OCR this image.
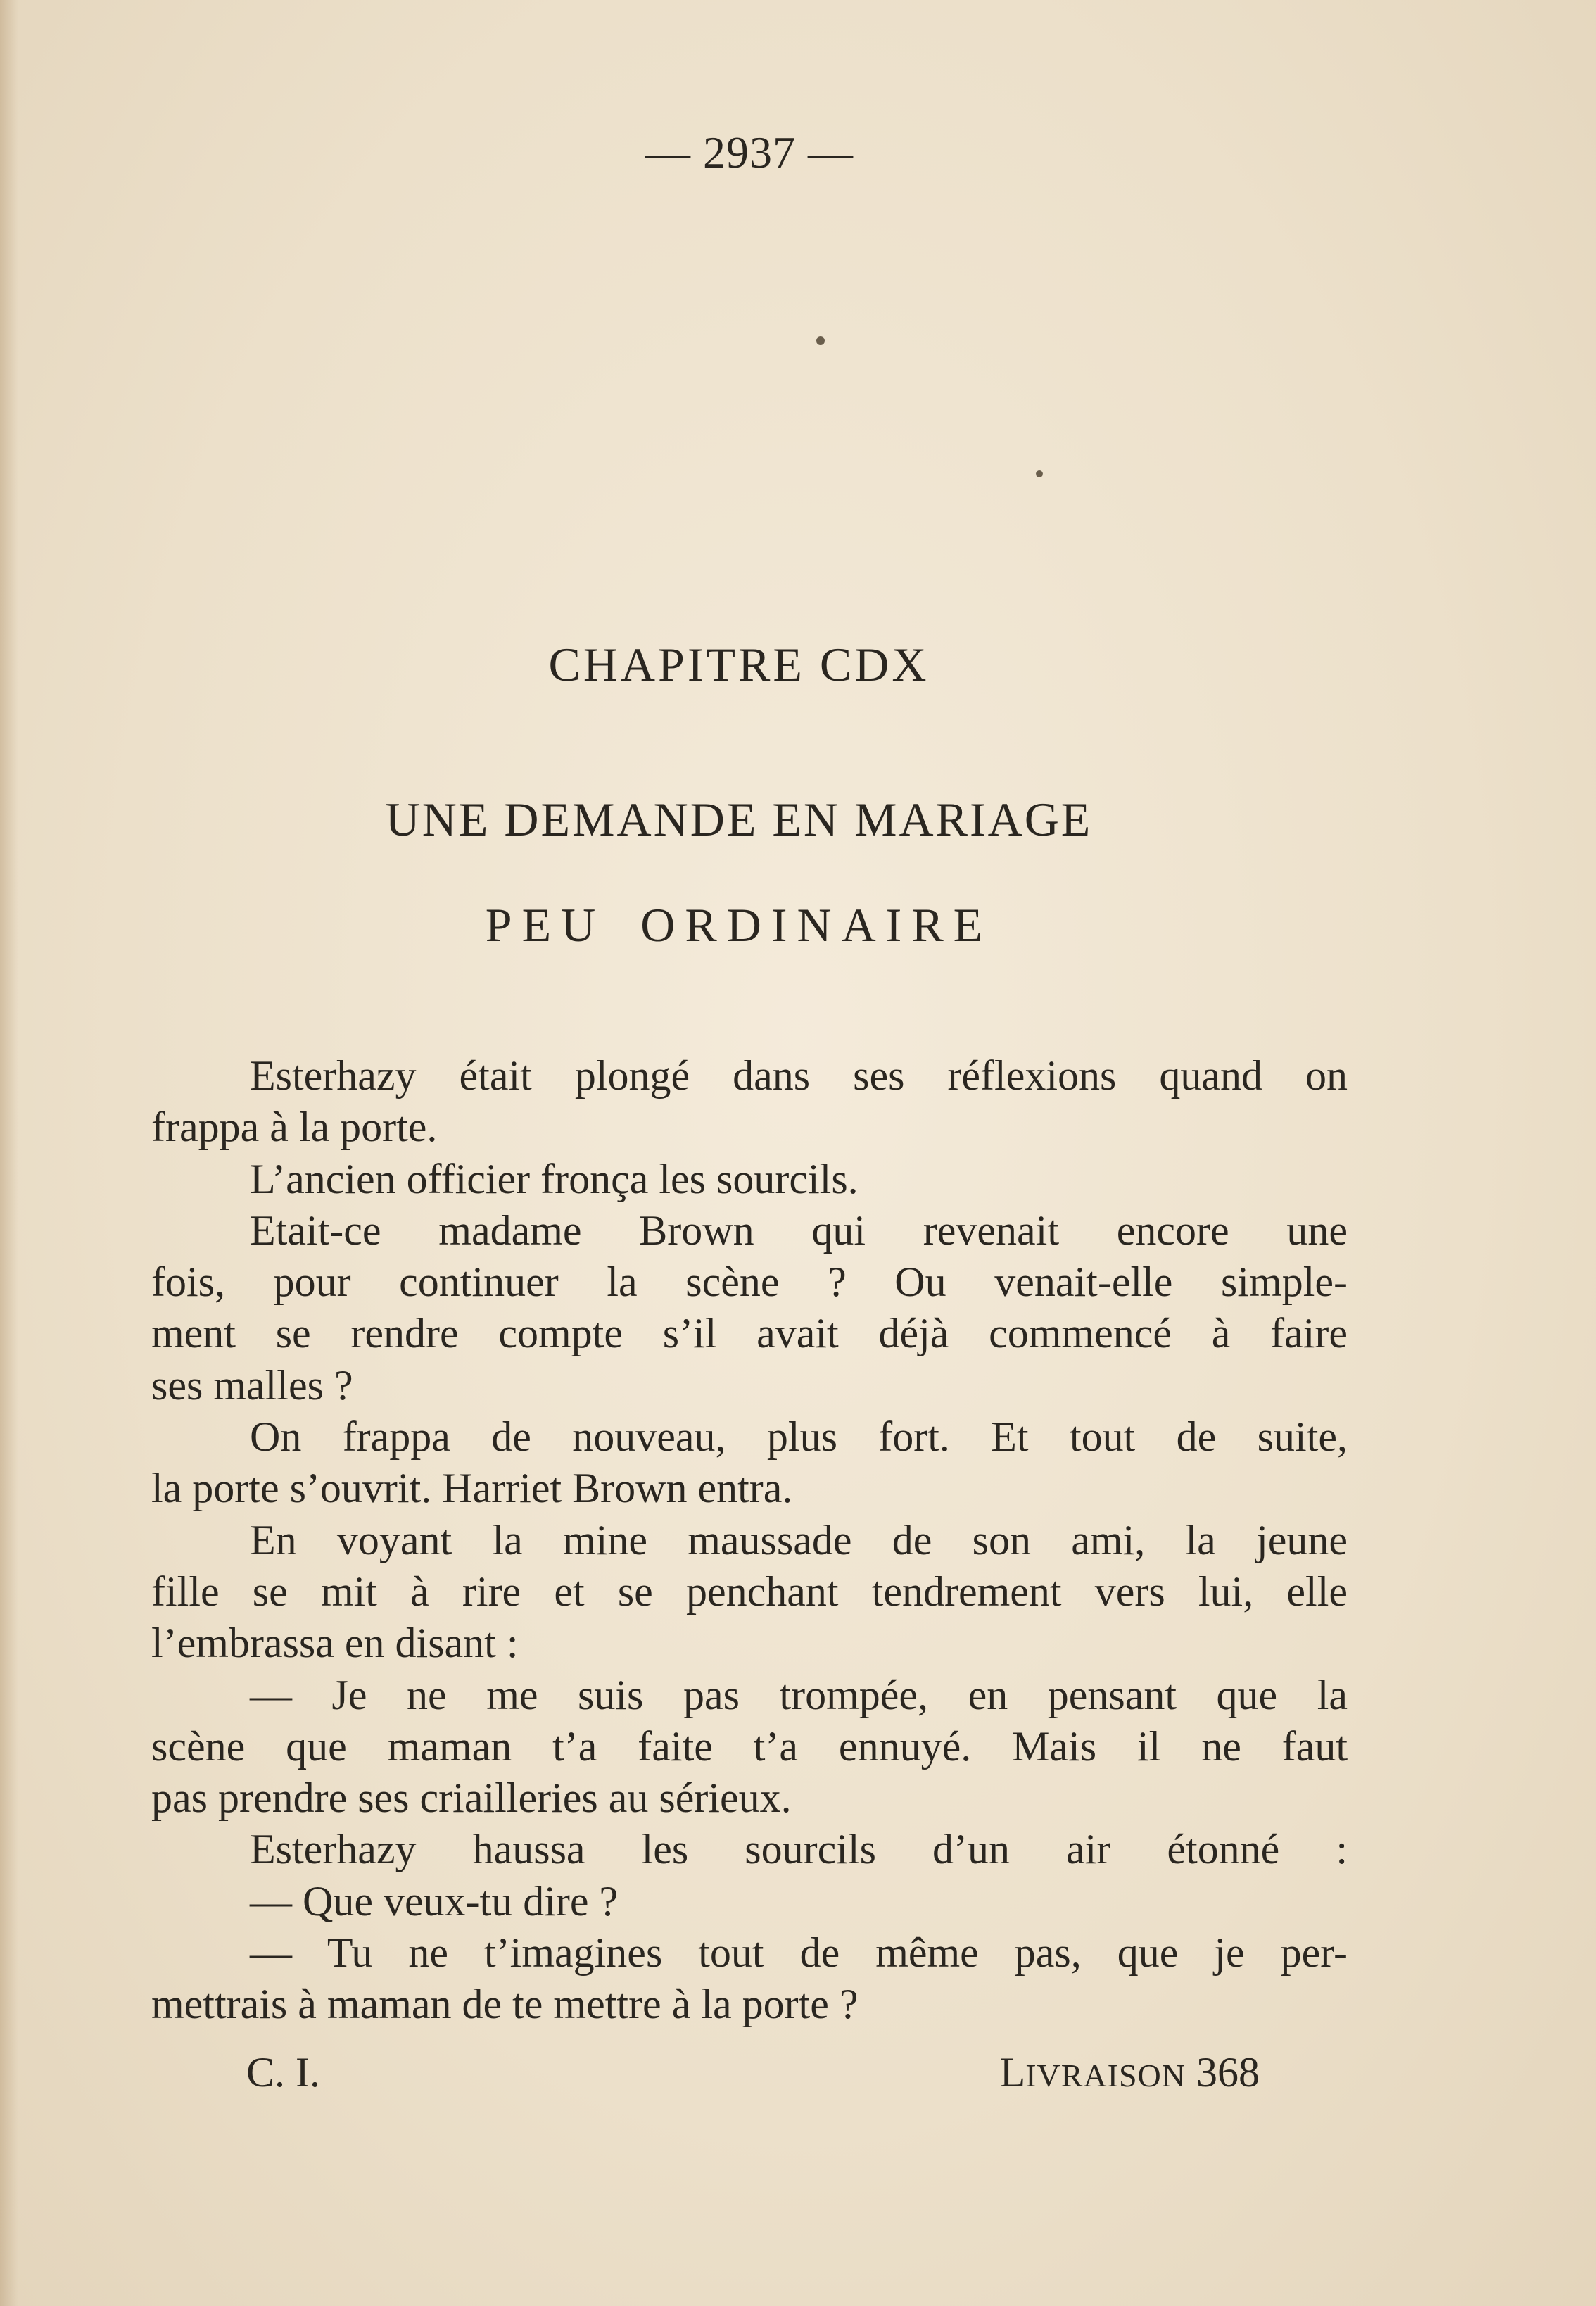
— 2937 —
CHAPITRE CDX
UNE DEMANDE EN MARIAGE
PEU ORDINAIRE
Esterhazy était plongé dans ses réflexions quand on
frappa à la porte.
L’ancien officier fronça les sourcils.
Etait-ce madame Brown qui revenait encore une
fois, pour continuer la scène ? Ou venait-elle simple-
ment se rendre compte s’il avait déjà commencé à faire
ses malles ?
On frappa de nouveau, plus fort. Et tout de suite,
la porte s’ouvrit. Harriet Brown entra.
En voyant la mine maussade de son ami, la jeune
fille se mit à rire et se penchant tendrement vers lui, elle
l’embrassa en disant :
— Je ne me suis pas trompée, en pensant que la
scène que maman t’a faite t’a ennuyé. Mais il ne faut
pas prendre ses criailleries au sérieux.
Esterhazy haussa les sourcils d’un air étonné :
— Que veux-tu dire ?
— Tu ne t’imagines tout de même pas, que je per-
mettrais à maman de te mettre à la porte ?
C. I.	LIVRAISON 368
